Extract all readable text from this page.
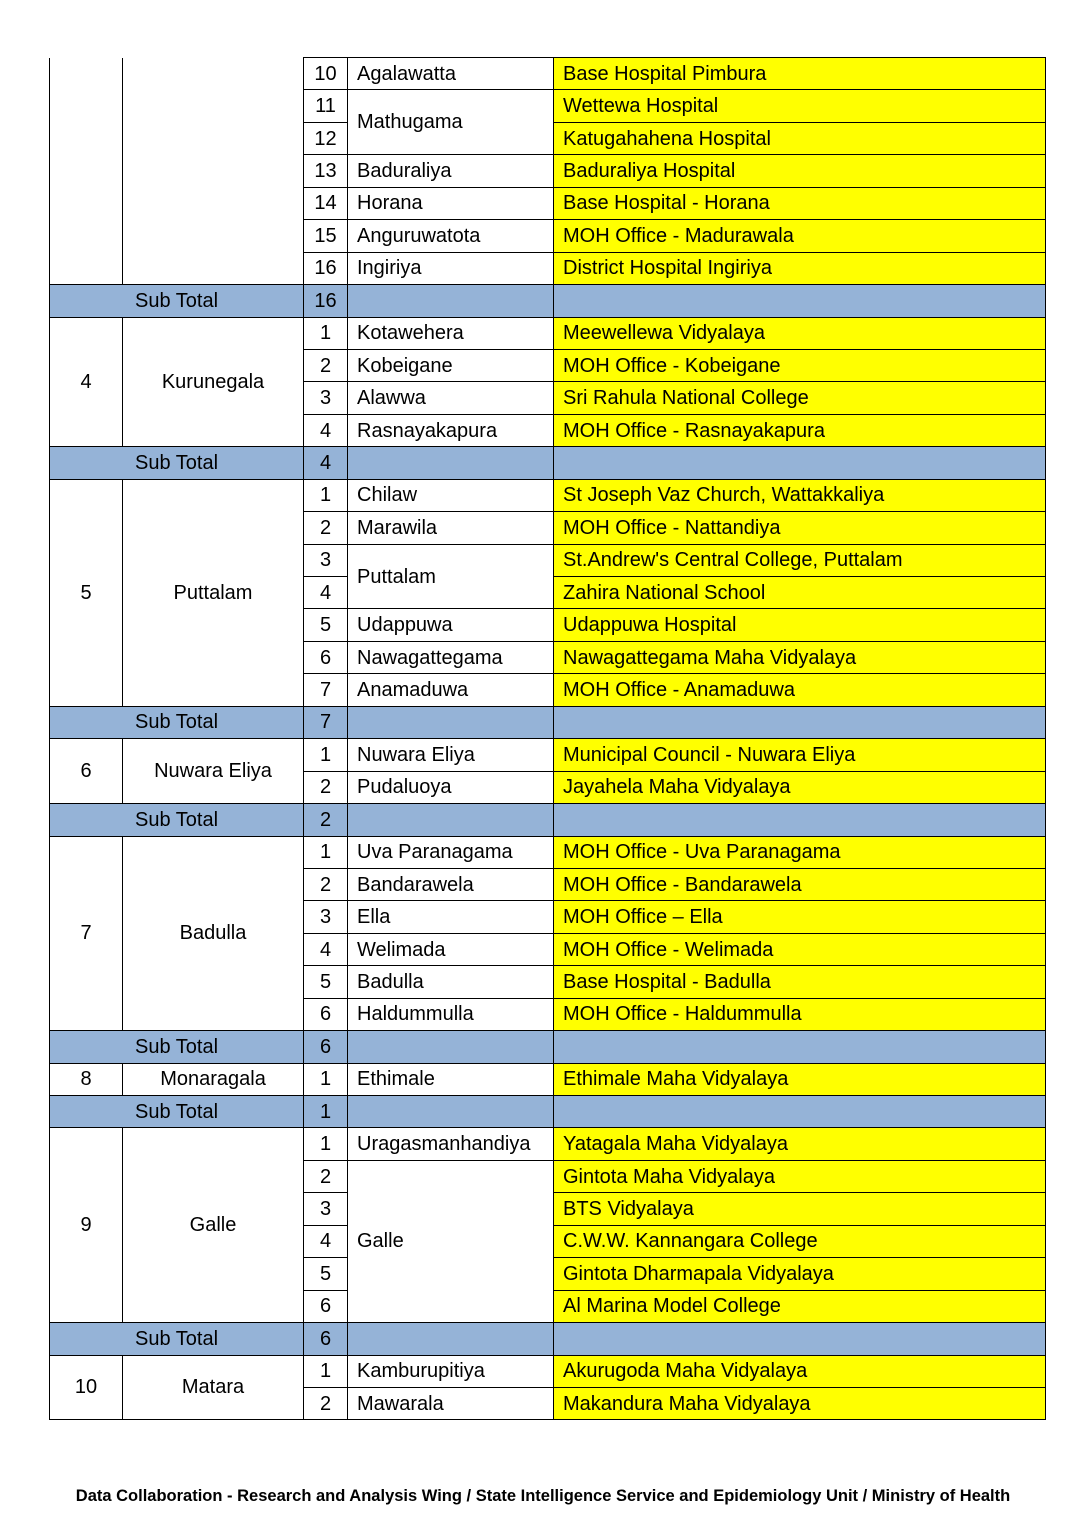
		10	Agalawatta	Base Hospital Pimbura
		11	Mathugama	Wettewa Hospital
		12		Katugahahena Hospital
		13	Baduraliya	Baduraliya Hospital
		14	Horana	Base Hospital - Horana
		15	Anguruwatota	MOH Office - Madurawala
		16	Ingiriya	District Hospital Ingiriya
Sub Total		16		
4	Kurunegala	1	Kotawehera	Meewellewa Vidyalaya
		2	Kobeigane	MOH Office - Kobeigane
		3	Alawwa	Sri Rahula National College
		4	Rasnayakapura	MOH Office - Rasnayakapura
Sub Total		4		
5	Puttalam	1	Chilaw	St Joseph Vaz Church, Wattakkaliya
		2	Marawila	MOH Office - Nattandiya
		3	Puttalam	St.Andrew's Central College, Puttalam
		4		Zahira National School
		5	Udappuwa	Udappuwa Hospital
		6	Nawagattegama	Nawagattegama Maha Vidyalaya
		7	Anamaduwa	MOH Office - Anamaduwa
Sub Total		7		
6	Nuwara Eliya	1	Nuwara Eliya	Municipal Council - Nuwara Eliya
		2	Pudaluoya	Jayahela Maha Vidyalaya
Sub Total		2		
7	Badulla	1	Uva Paranagama	MOH Office - Uva Paranagama
		2	Bandarawela	MOH Office - Bandarawela
		3	Ella	MOH Office – Ella
		4	Welimada	MOH Office - Welimada
		5	Badulla	Base Hospital - Badulla
		6	Haldummulla	MOH Office - Haldummulla
Sub Total		6		
8	Monaragala	1	Ethimale	Ethimale Maha Vidyalaya
Sub Total		1		
9	Galle	1	Uragasmanhandiya	Yatagala Maha Vidyalaya
		2	Galle	Gintota Maha Vidyalaya
		3		BTS Vidyalaya
		4		C.W.W. Kannangara College
		5		Gintota Dharmapala Vidyalaya
		6		Al Marina Model College
Sub Total		6		
10	Matara	1	Kamburupitiya	Akurugoda Maha Vidyalaya
		2	Mawarala	Makandura Maha Vidyalaya
Data Collaboration - Research and Analysis Wing / State Intelligence Service and Epidemiology Unit / Ministry of Health
